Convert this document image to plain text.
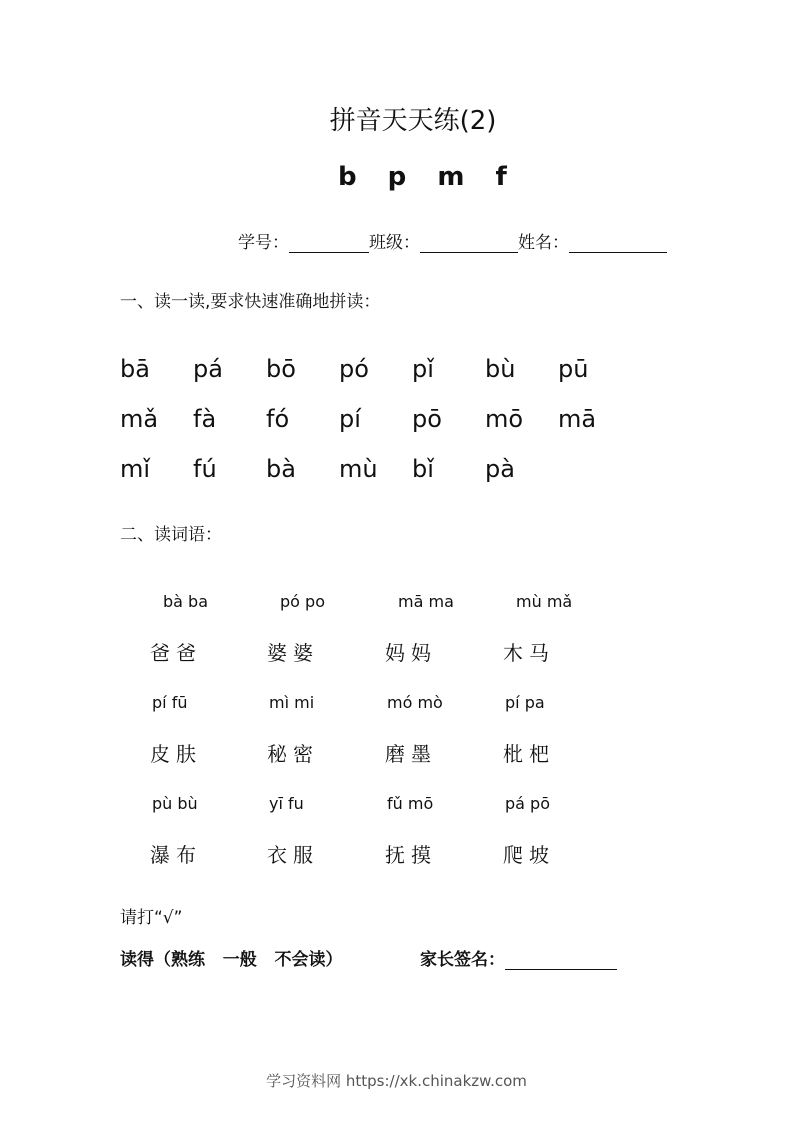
拼音天天练(2)
b p m f
学号：	班级：	姓名：
一、读一读,要求快速准确地拼读：
bā	pá	bō	pó	pǐ	bù	pū
mǎ	fà	fó	pí	pō	mō	mā
mǐ	fú	bà	mù	bǐ	pà
二、读词语：
bà ba	pó po	mā ma	mù mǎ
爸爸	婆婆	妈妈	木马
pí fū	mì mi	mó mò	pí pa
皮肤	秘密	磨墨	枇杷
pù bù	yī fu	fǔ mō	pá pō
瀑布	衣服	抚摸	爬坡
请打“√”
读得（熟练   一般   不会读）	家长签名：
学习资料网 https://xk.chinakzw.com
